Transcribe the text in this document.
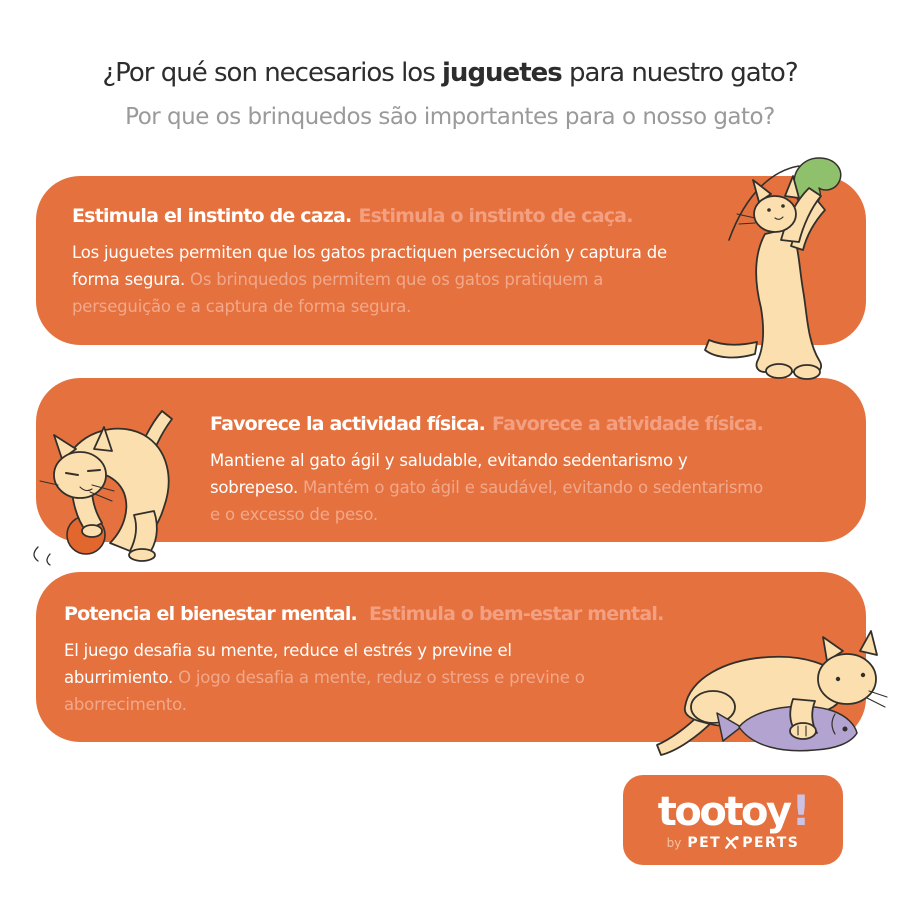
¿Por qué son necesarios los juguetes para nuestro gato?
Por que os brinquedos são importantes para o nosso gato?
Estimula el instinto de caza. Estimula o instinto de caça.
Los juguetes permiten que los gatos practiquen persecución y captura de forma segura. Os brinquedos permitem que os gatos pratiquem a perseguição e a captura de forma segura.
Favorece la actividad física. Favorece a atividade física.
Mantiene al gato ágil y saludable, evitando sedentarismo y sobrepeso. Mantém o gato ágil e saudável, evitando o sedentarismo e o excesso de peso.
Potencia el bienestar mental. Estimula o bem-estar mental.
El juego desafia su mente, reduce el estrés y previne el aburrimiento. O jogo desafia a mente, reduz o stress e previne o aborrecimento.
tootoy!
by PET PERTS
